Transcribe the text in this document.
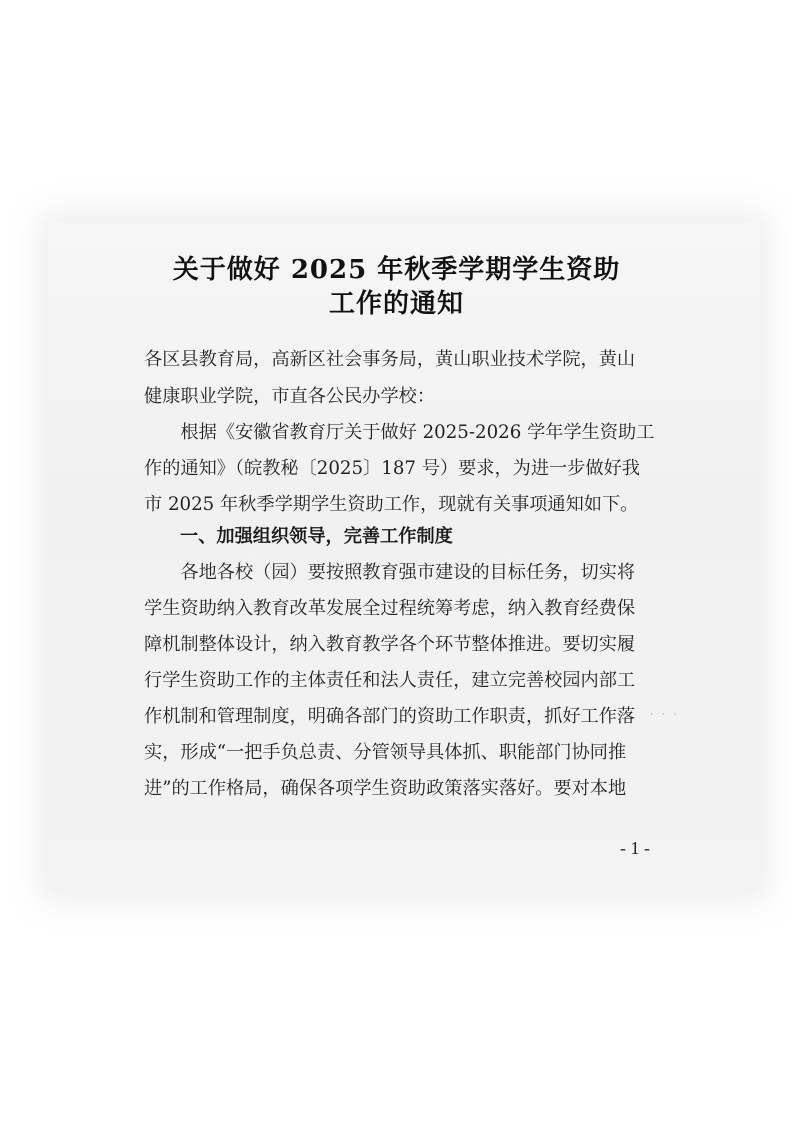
关于做好 2025 年秋季学期学生资助
工作的通知
各区县教育局，高新区社会事务局，黄山职业技术学院，黄山
健康职业学院，市直各公民办学校：
　　根据《安徽省教育厅关于做好 2025-2026 学年学生资助工
作的通知》（皖教秘〔2025〕187 号）要求，为进一步做好我
市 2025 年秋季学期学生资助工作，现就有关事项通知如下。
一、加强组织领导，完善工作制度
　　各地各校（园）要按照教育强市建设的目标任务，切实将
学生资助纳入教育改革发展全过程统筹考虑，纳入教育经费保
障机制整体设计，纳入教育教学各个环节整体推进。要切实履
行学生资助工作的主体责任和法人责任，建立完善校园内部工
作机制和管理制度，明确各部门的资助工作职责，抓好工作落
实，形成“一把手负总责、分管领导具体抓、职能部门协同推
进”的工作格局，确保各项学生资助政策落实落好。要对本地
· · ·
- 1 -
